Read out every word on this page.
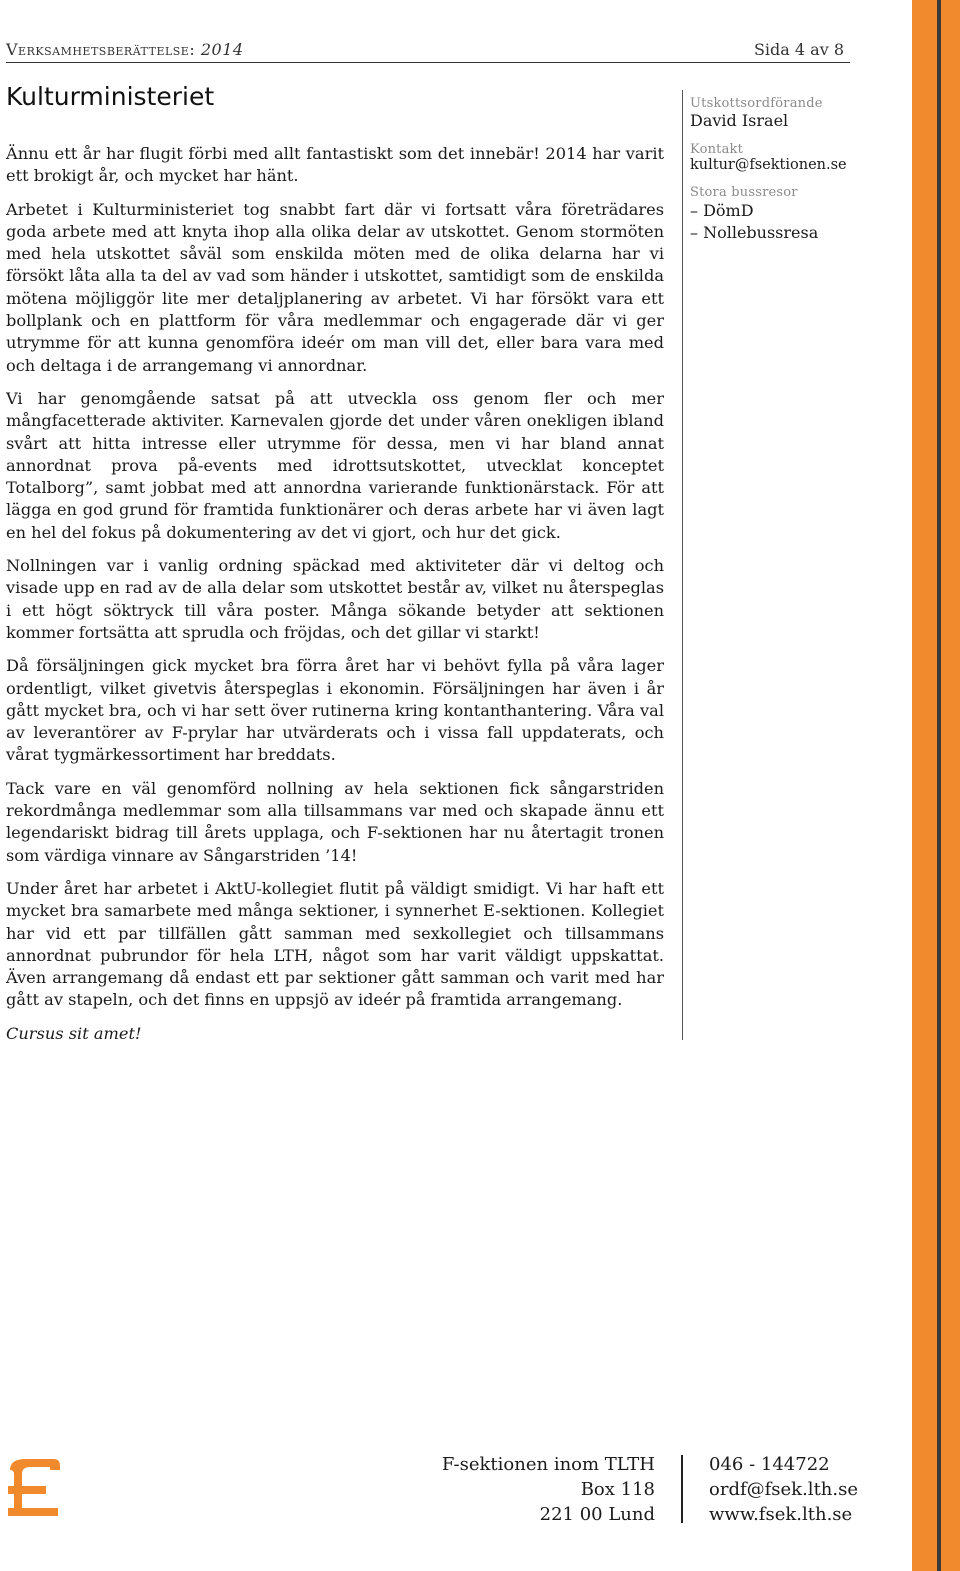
Verksamhetsberättelse: 2014	Sida 4 av 8
Kulturministeriet

Ännu ett år har flugit förbi med allt fantastiskt som det innebär! 2014 har varit ett brokigt år, och mycket har hänt.

Arbetet i Kulturministeriet tog snabbt fart där vi fortsatt våra företrädares goda arbete med att knyta ihop alla olika delar av utskottet. Genom stormöten med hela utskottet såväl som enskilda möten med de olika delarna har vi försökt låta alla ta del av vad som händer i utskottet, samtidigt som de enskilda mötena möjliggör lite mer detaljplanering av arbetet. Vi har försökt vara ett bollplank och en plattform för våra medlemmar och engagerade där vi ger utrymme för att kunna genomföra ideér om man vill det, eller bara vara med och deltaga i de arrangemang vi annordnar.

Vi har genomgående satsat på att utveckla oss genom fler och mer mångfacetterade aktiviter. Karnevalen gjorde det under våren onekligen ibland svårt att hitta intresse eller utrymme för dessa, men vi har bland annat annordnat prova på-events med idrottsutskottet, utvecklat konceptet Totalborg”, samt jobbat med att annordna varierande funktionärstack. För att lägga en god grund för framtida funktionärer och deras arbete har vi även lagt en hel del fokus på dokumentering av det vi gjort, och hur det gick.

Nollningen var i vanlig ordning späckad med aktiviteter där vi deltog och visade upp en rad av de alla delar som utskottet består av, vilket nu återspeglas i ett högt söktryck till våra poster. Många sökande betyder att sektionen kommer fortsätta att sprudla och fröjdas, och det gillar vi starkt!

Då försäljningen gick mycket bra förra året har vi behövt fylla på våra lager ordentligt, vilket givetvis återspeglas i ekonomin. Försäljningen har även i år gått mycket bra, och vi har sett över rutinerna kring kontanthantering. Våra val av leverantörer av F-prylar har utvärderats och i vissa fall uppdaterats, och vårat tygmärkessortiment har breddats.

Tack vare en väl genomförd nollning av hela sektionen fick sångarstriden rekordmånga medlemmar som alla tillsammans var med och skapade ännu ett legendariskt bidrag till årets upplaga, och F-sektionen har nu återtagit tronen som värdiga vinnare av Sångarstriden ’14!

Under året har arbetet i AktU-kollegiet flutit på väldigt smidigt. Vi har haft ett mycket bra samarbete med många sektioner, i synnerhet E-sektionen. Kollegiet har vid ett par tillfällen gått samman med sexkollegiet och tillsammans annordnat pubrundor för hela LTH, något som har varit väldigt uppskattat. Även arrangemang då endast ett par sektioner gått samman och varit med har gått av stapeln, och det finns en uppsjö av ideér på framtida arrangemang.

Cursus sit amet!

Utskottsordförande

David Israel

Kontakt

kultur@fsektionen.se

Stora bussresor

– DömD
– Nollebussresa
F-sektionen inom TLTH
Box 118
221 00 Lund
046 - 144722
ordf@fsek.lth.se
www.fsek.lth.se
